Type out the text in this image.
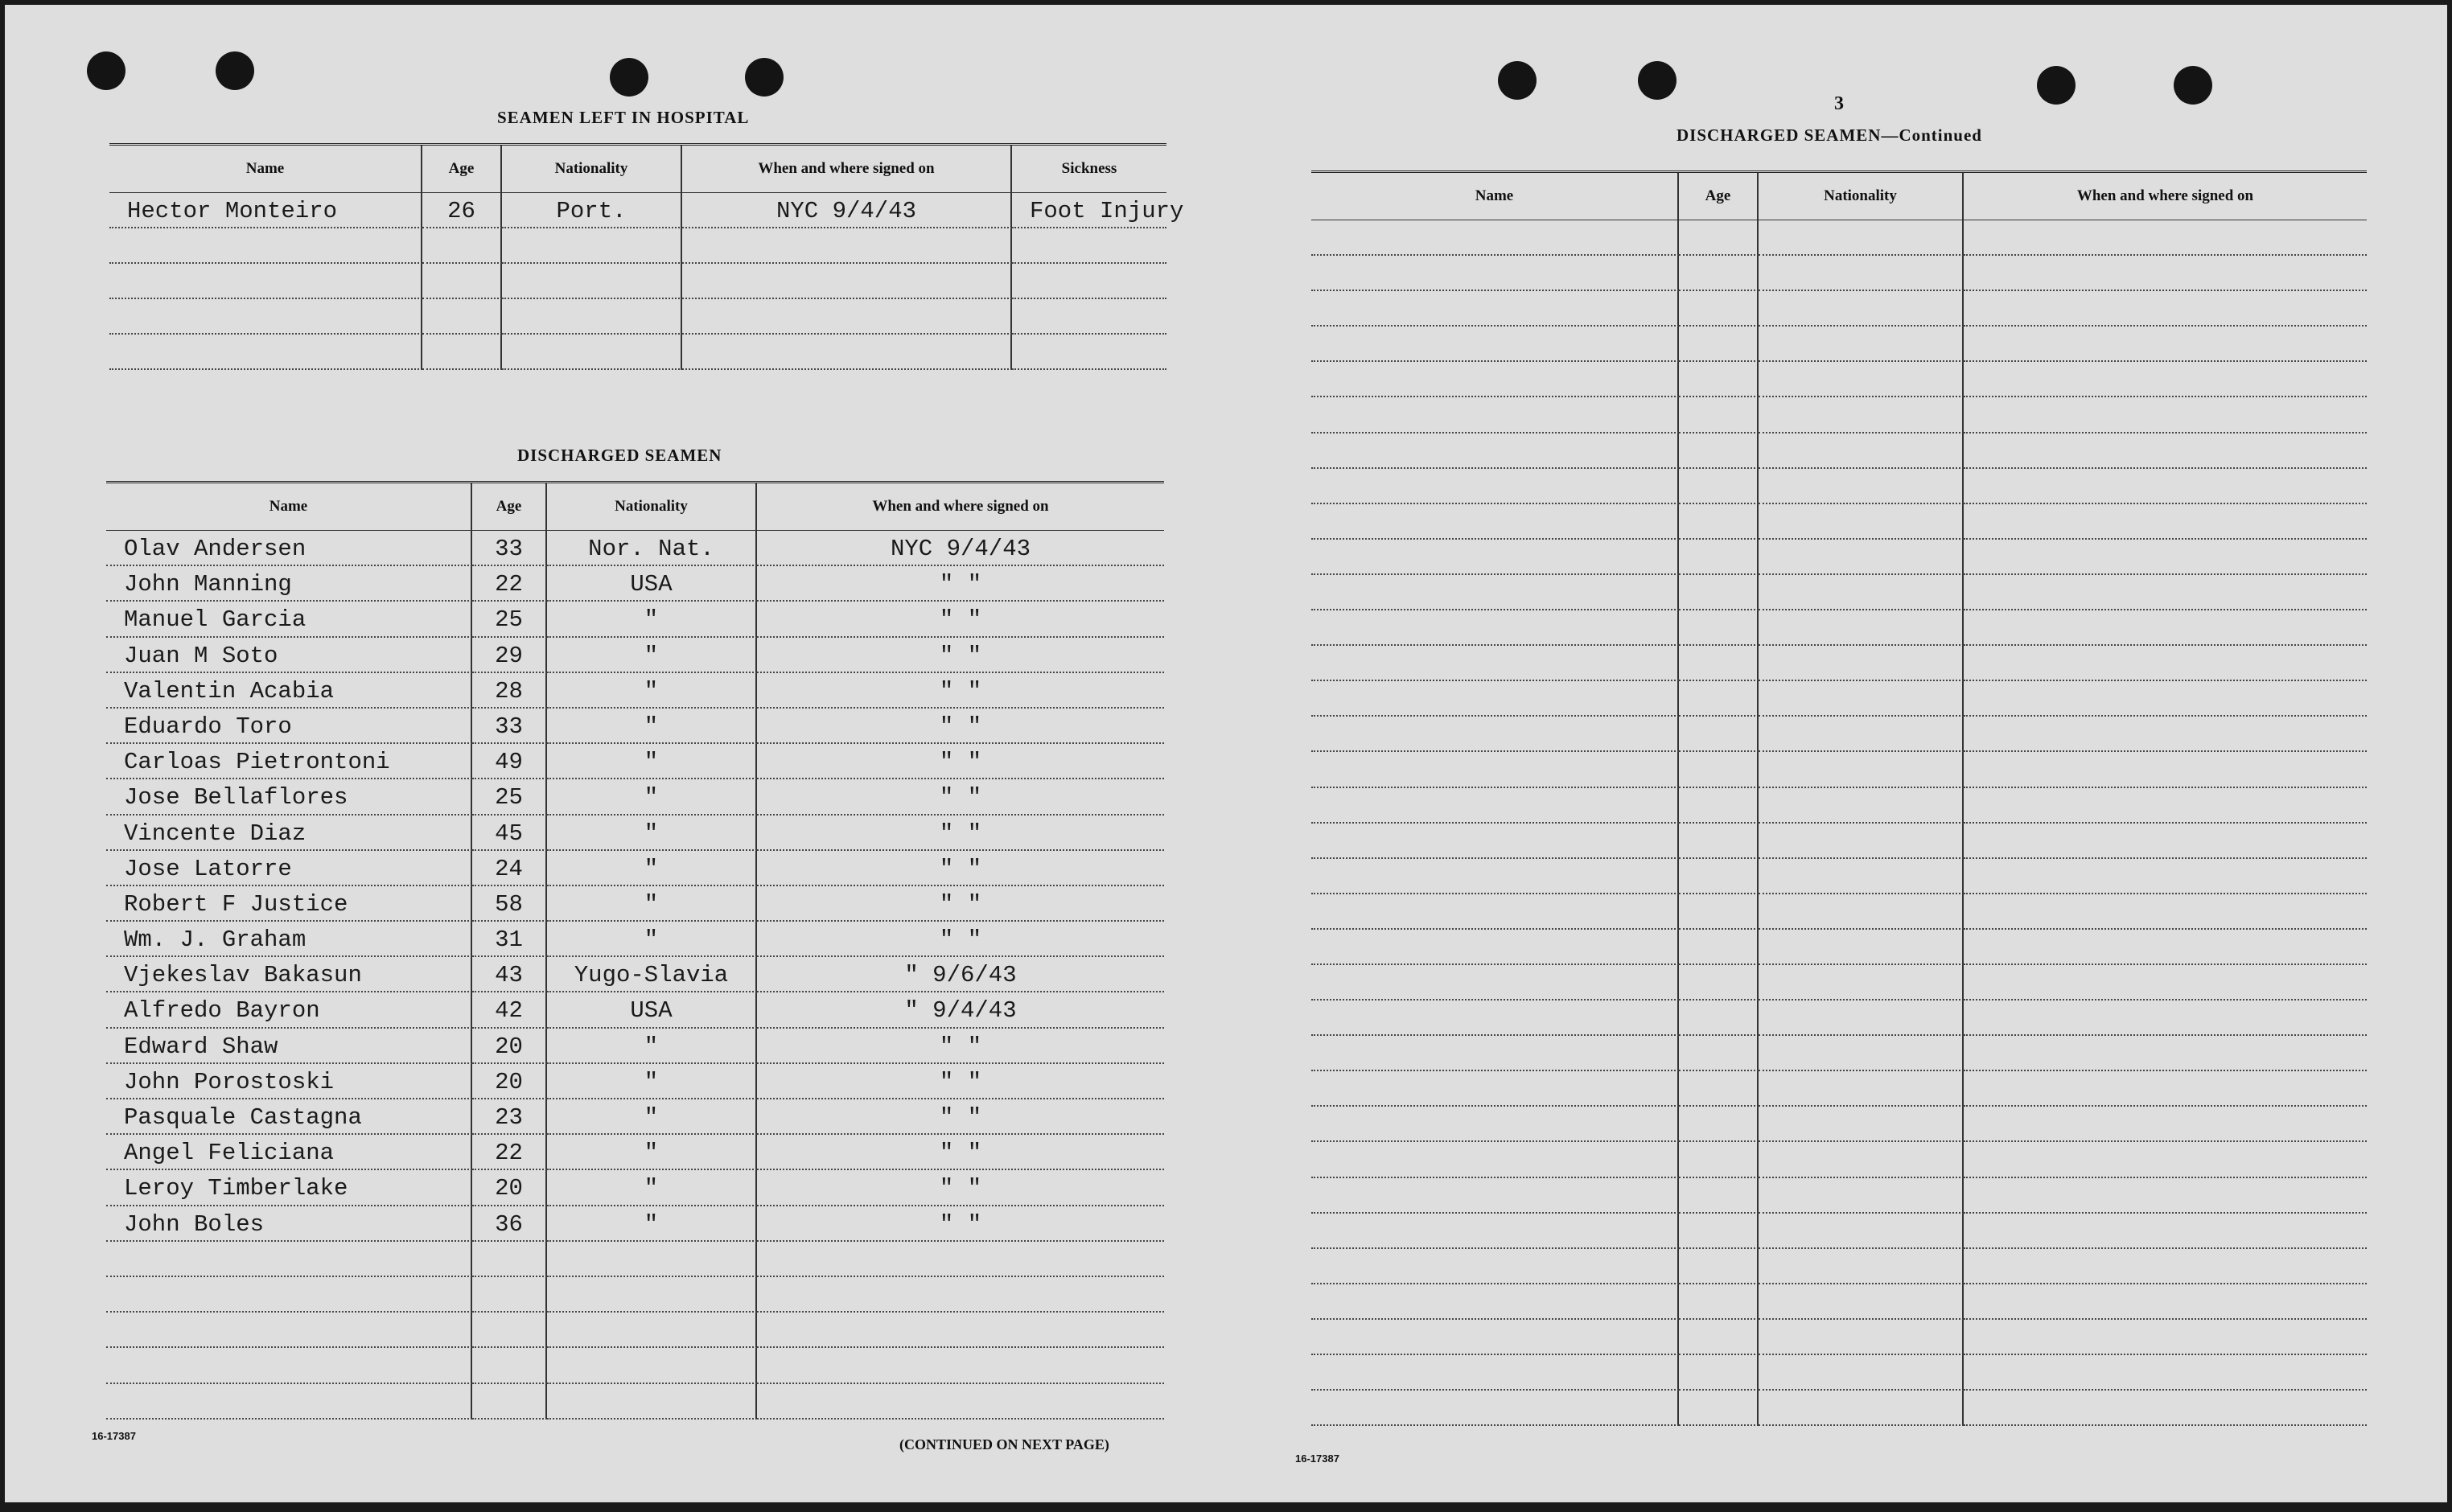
SEAMEN LEFT IN HOSPITAL
Name	Age	Nationality	When and where signed on	Sickness
Hector Monteiro	26	Port.	NYC 9/4/43	Foot Injury
DISCHARGED SEAMEN
Name	Age	Nationality	When and where signed on
Olav Andersen	33	Nor. Nat.	NYC 9/4/43
John Manning	22	USA	" "
Manuel Garcia	25	"	" "
Juan M Soto	29	"	" "
Valentin Acabia	28	"	" "
Eduardo Toro	33	"	" "
Carloas Pietrontoni	49	"	" "
Jose Bellaflores	25	"	" "
Vincente Diaz	45	"	" "
Jose Latorre	24	"	" "
Robert F Justice	58	"	" "
Wm. J. Graham	31	"	" "
Vjekeslav Bakasun	43	Yugo-Slavia	" 9/6/43
Alfredo Bayron	42	USA	" 9/4/43
Edward Shaw	20	"	" "
John Porostoski	20	"	" "
Pasquale Castagna	23	"	" "
Angel Feliciana	22	"	" "
Leroy Timberlake	20	"	" "
John Boles	36	"	" "
16-17387
(CONTINUED ON NEXT PAGE)
3
DISCHARGED SEAMEN—Continued
Name	Age	Nationality	When and where signed on
16-17387
